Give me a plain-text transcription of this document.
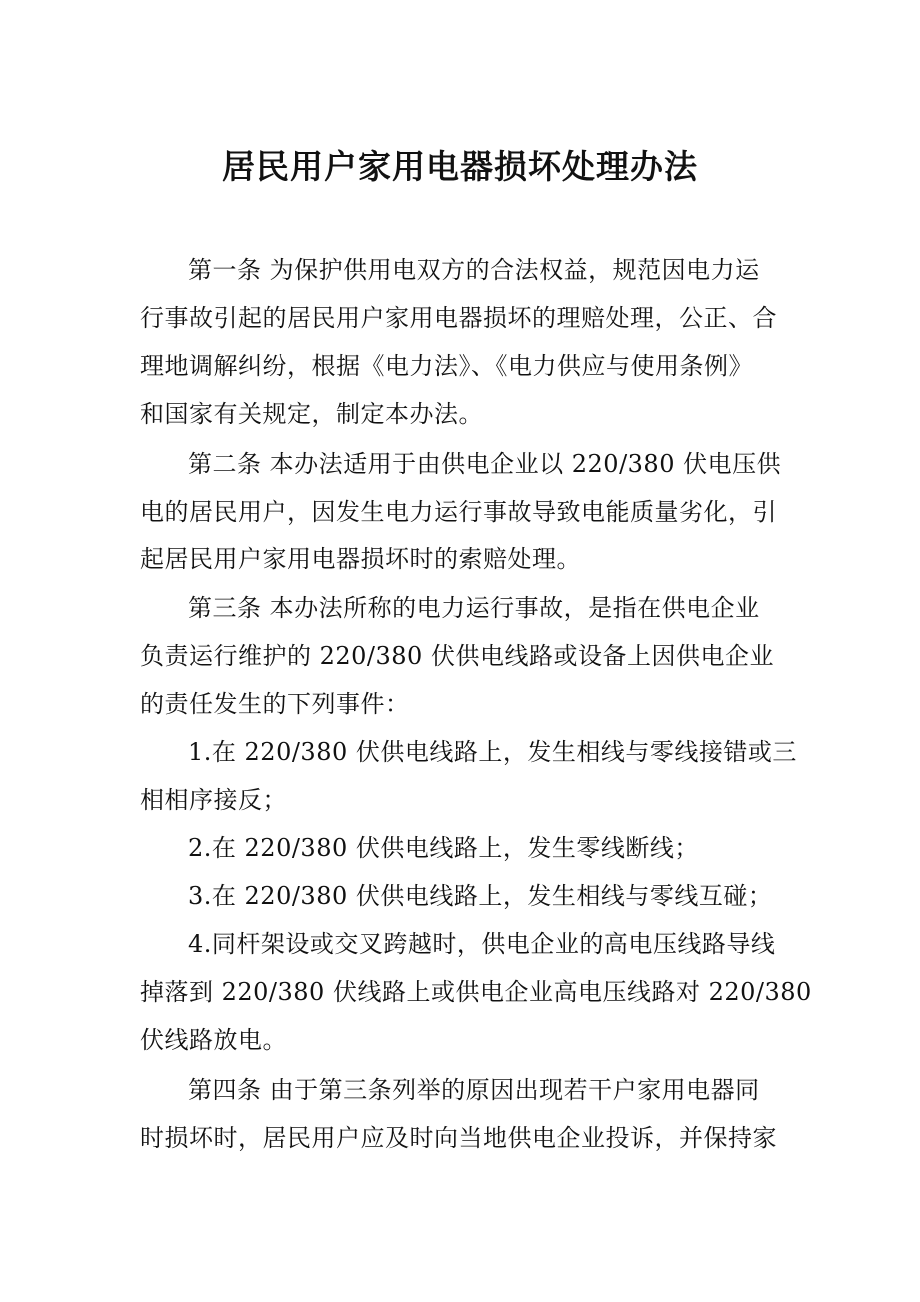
居民用户家用电器损坏处理办法
第一条 为保护供用电双方的合法权益，规范因电力运
行事故引起的居民用户家用电器损坏的理赔处理，公正、合
理地调解纠纷，根据《电力法》、《电力供应与使用条例》
和国家有关规定，制定本办法。
第二条 本办法适用于由供电企业以 220/380 伏电压供
电的居民用户，因发生电力运行事故导致电能质量劣化，引
起居民用户家用电器损坏时的索赔处理。
第三条 本办法所称的电力运行事故，是指在供电企业
负责运行维护的 220/380 伏供电线路或设备上因供电企业
的责任发生的下列事件：
1.在 220/380 伏供电线路上，发生相线与零线接错或三
相相序接反；
2.在 220/380 伏供电线路上，发生零线断线；
3.在 220/380 伏供电线路上，发生相线与零线互碰；
4.同杆架设或交叉跨越时，供电企业的高电压线路导线
掉落到 220/380 伏线路上或供电企业高电压线路对 220/380
伏线路放电。
第四条 由于第三条列举的原因出现若干户家用电器同
时损坏时，居民用户应及时向当地供电企业投诉，并保持家
